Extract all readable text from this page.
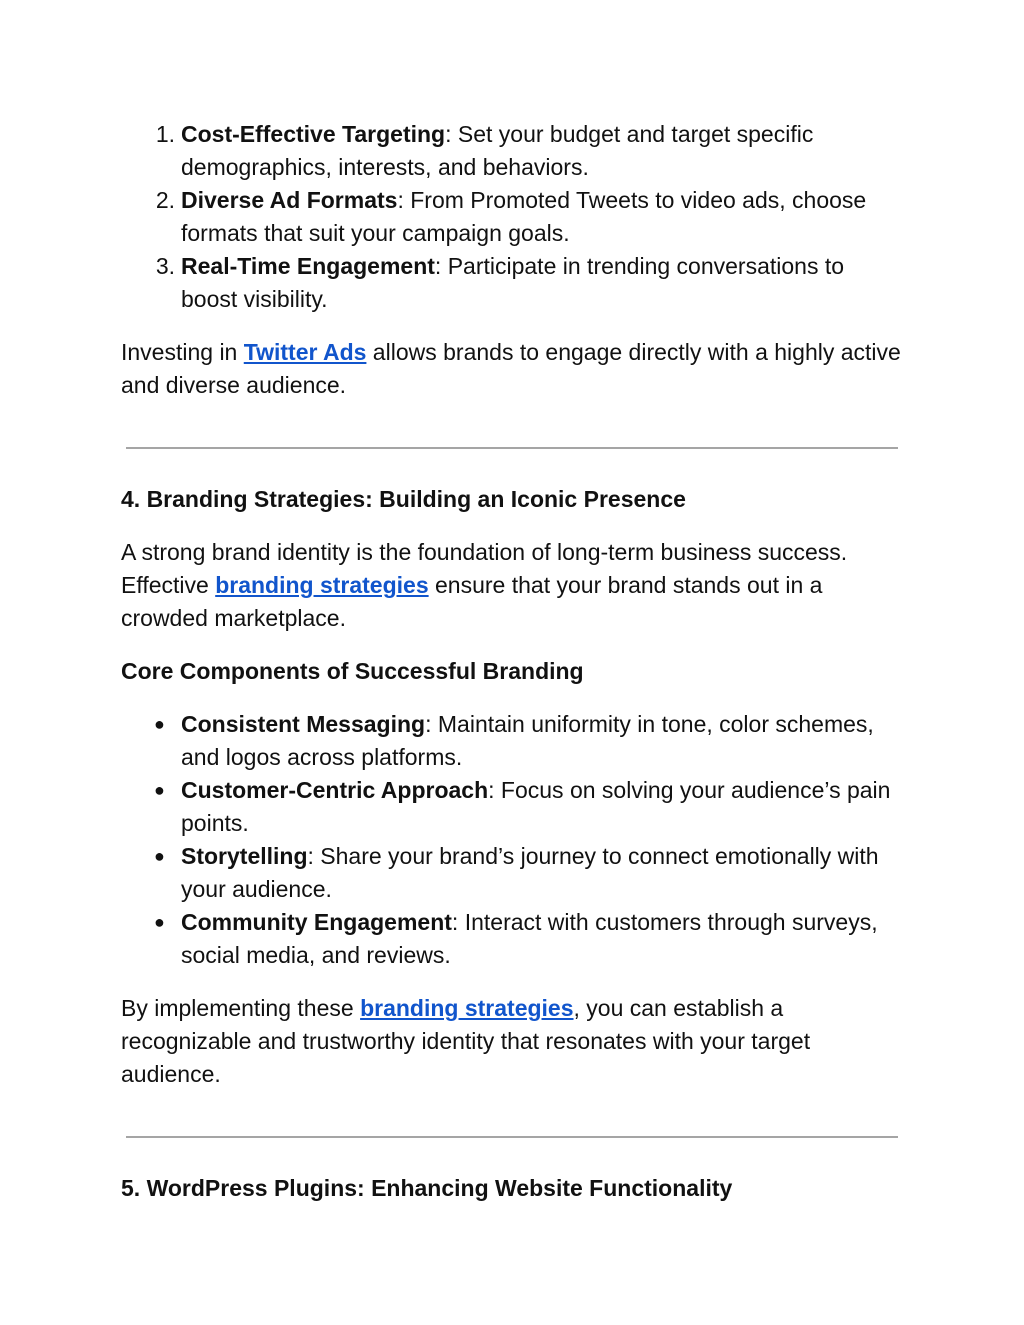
1. Cost-Effective Targeting: Set your budget and target specific demographics, interests, and behaviors.
2. Diverse Ad Formats: From Promoted Tweets to video ads, choose formats that suit your campaign goals.
3. Real-Time Engagement: Participate in trending conversations to boost visibility.

Investing in Twitter Ads allows brands to engage directly with a highly active and diverse audience.

4. Branding Strategies: Building an Iconic Presence

A strong brand identity is the foundation of long-term business success. Effective branding strategies ensure that your brand stands out in a crowded marketplace.

Core Components of Successful Branding
● Consistent Messaging: Maintain uniformity in tone, color schemes, and logos across platforms.
● Customer-Centric Approach: Focus on solving your audience’s pain points.
● Storytelling: Share your brand’s journey to connect emotionally with your audience.
● Community Engagement: Interact with customers through surveys, social media, and reviews.

By implementing these branding strategies, you can establish a recognizable and trustworthy identity that resonates with your target audience.

5. WordPress Plugins: Enhancing Website Functionality
